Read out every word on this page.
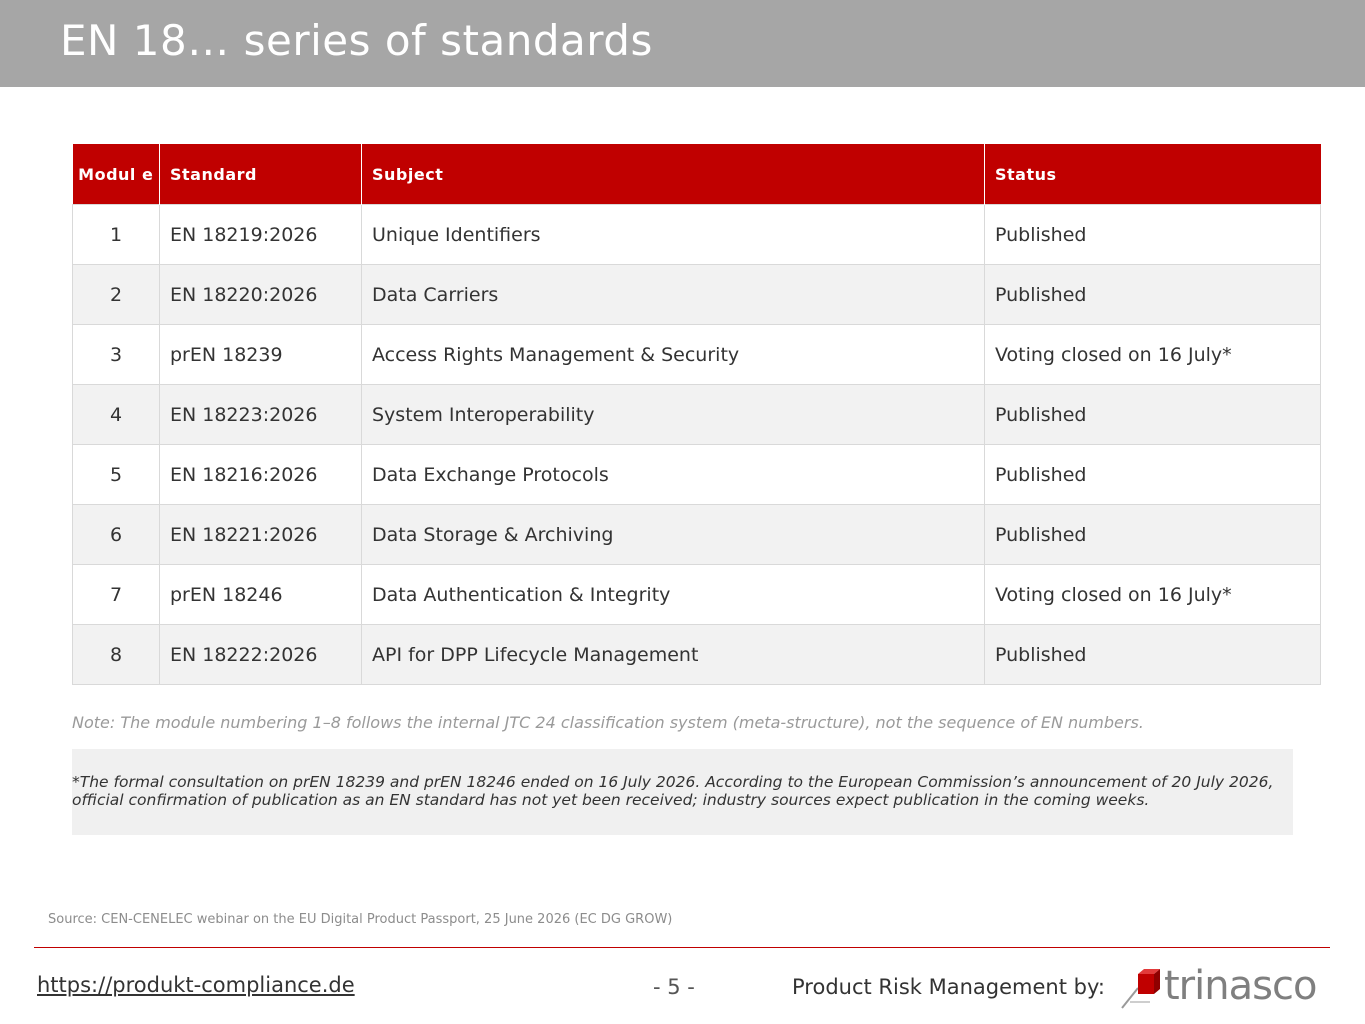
EN 18… series of standards
Modul e	Standard	Subject	Status
1	EN 18219:2026	Unique Identifiers	Published
2	EN 18220:2026	Data Carriers	Published
3	prEN 18239	Access Rights Management & Security	Voting closed on 16 July*
4	EN 18223:2026	System Interoperability	Published
5	EN 18216:2026	Data Exchange Protocols	Published
6	EN 18221:2026	Data Storage & Archiving	Published
7	prEN 18246	Data Authentication & Integrity	Voting closed on 16 July*
8	EN 18222:2026	API for DPP Lifecycle Management	Published

Note: The module numbering 1–8 follows the internal JTC 24 classification system (meta-structure), not the sequence of EN numbers.

*The formal consultation on prEN 18239 and prEN 18246 ended on 16 July 2026. According to the European Commission’s announcement of 20 July 2026, official confirmation of publication as an EN standard has not yet been received; industry sources expect publication in the coming weeks.

Source: CEN-CENELEC webinar on the EU Digital Product Passport, 25 June 2026 (EC DG GROW)

https://produkt-compliance.de	- 5 -	Product Risk Management by: trinasco
